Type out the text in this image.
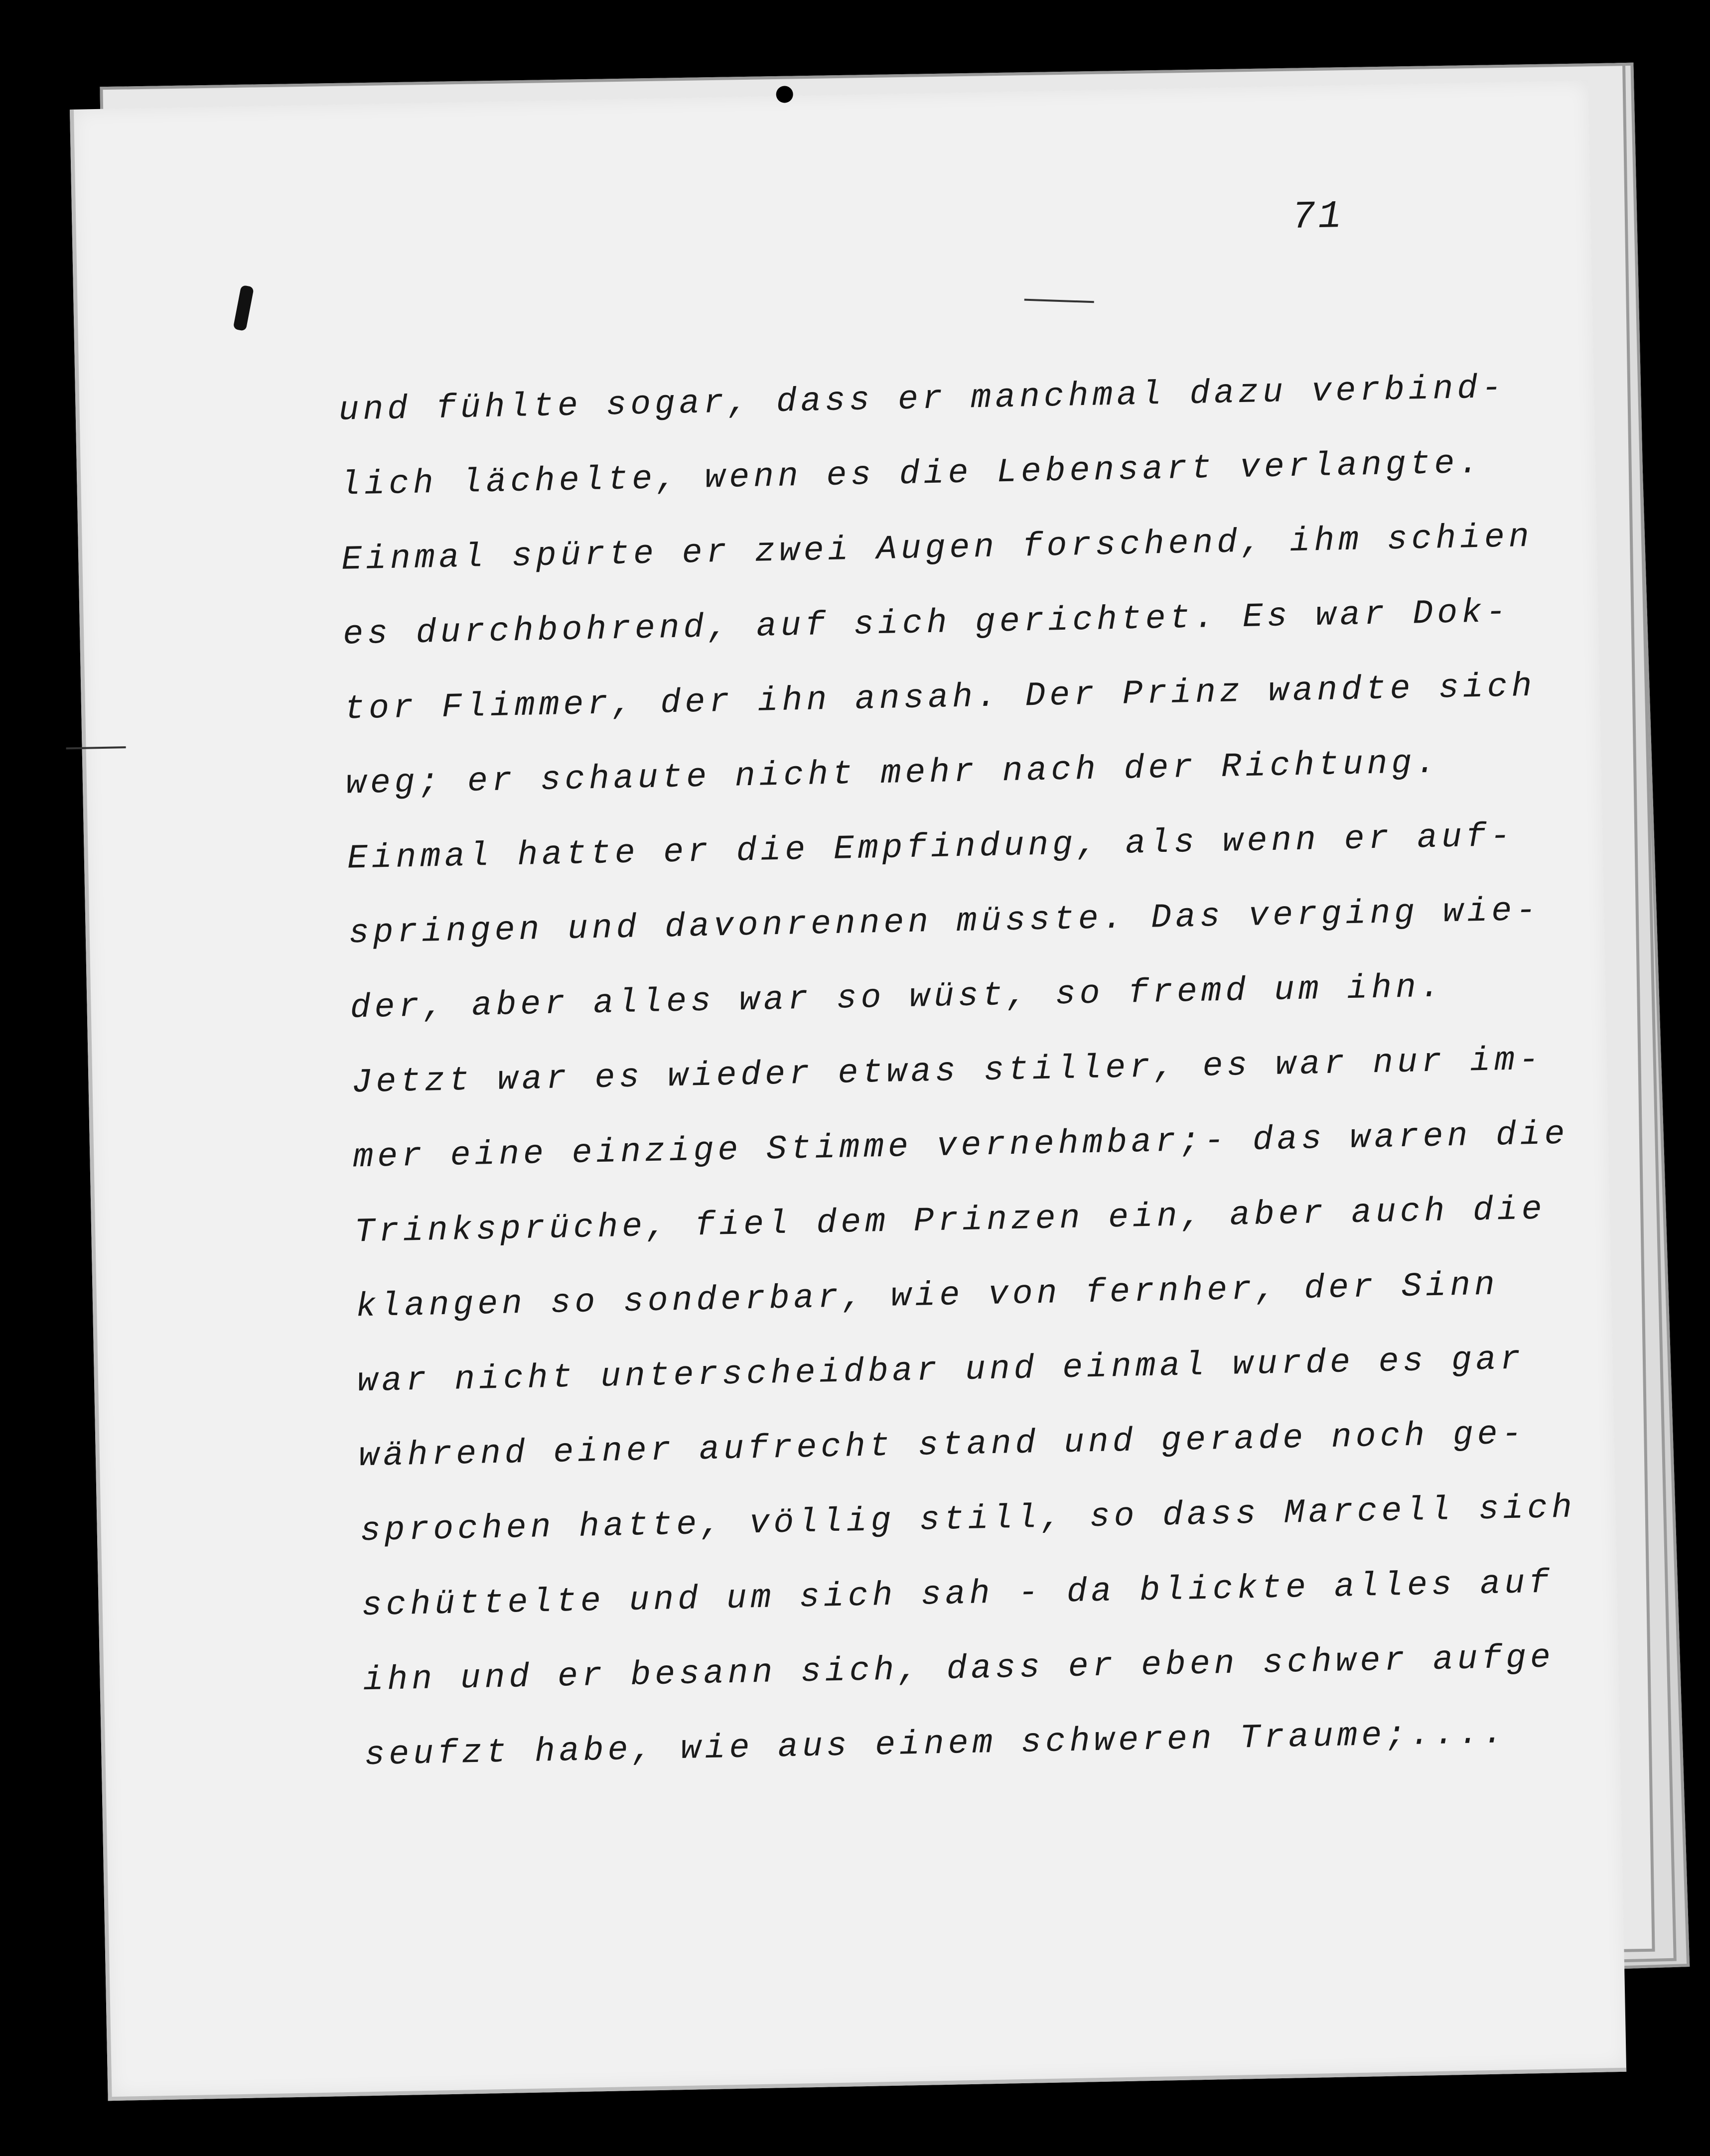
71
und fühlte sogar, dass er manchmal dazu verbind-
lich lächelte, wenn es die Lebensart verlangte.
Einmal spürte er zwei Augen forschend, ihm schien
es durchbohrend, auf sich gerichtet. Es war Dok-
tor Flimmer, der ihn ansah. Der Prinz wandte sich
weg; er schaute nicht mehr nach der Richtung.
Einmal hatte er die Empfindung, als wenn er auf-
springen und davonrennen müsste. Das verging wie-
der, aber alles war so wüst, so fremd um ihn.
Jetzt war es wieder etwas stiller, es war nur im-
mer eine einzige Stimme vernehmbar;- das waren die
Trinksprüche, fiel dem Prinzen ein, aber auch die
klangen so sonderbar, wie von fernher, der Sinn
war nicht unterscheidbar und einmal wurde es gar
während einer aufrecht stand und gerade noch ge-
sprochen hatte, völlig still, so dass Marcell sich
schüttelte und um sich sah - da blickte alles auf
ihn und er besann sich, dass er eben schwer aufge
seufzt habe, wie aus einem schweren Traume;....
